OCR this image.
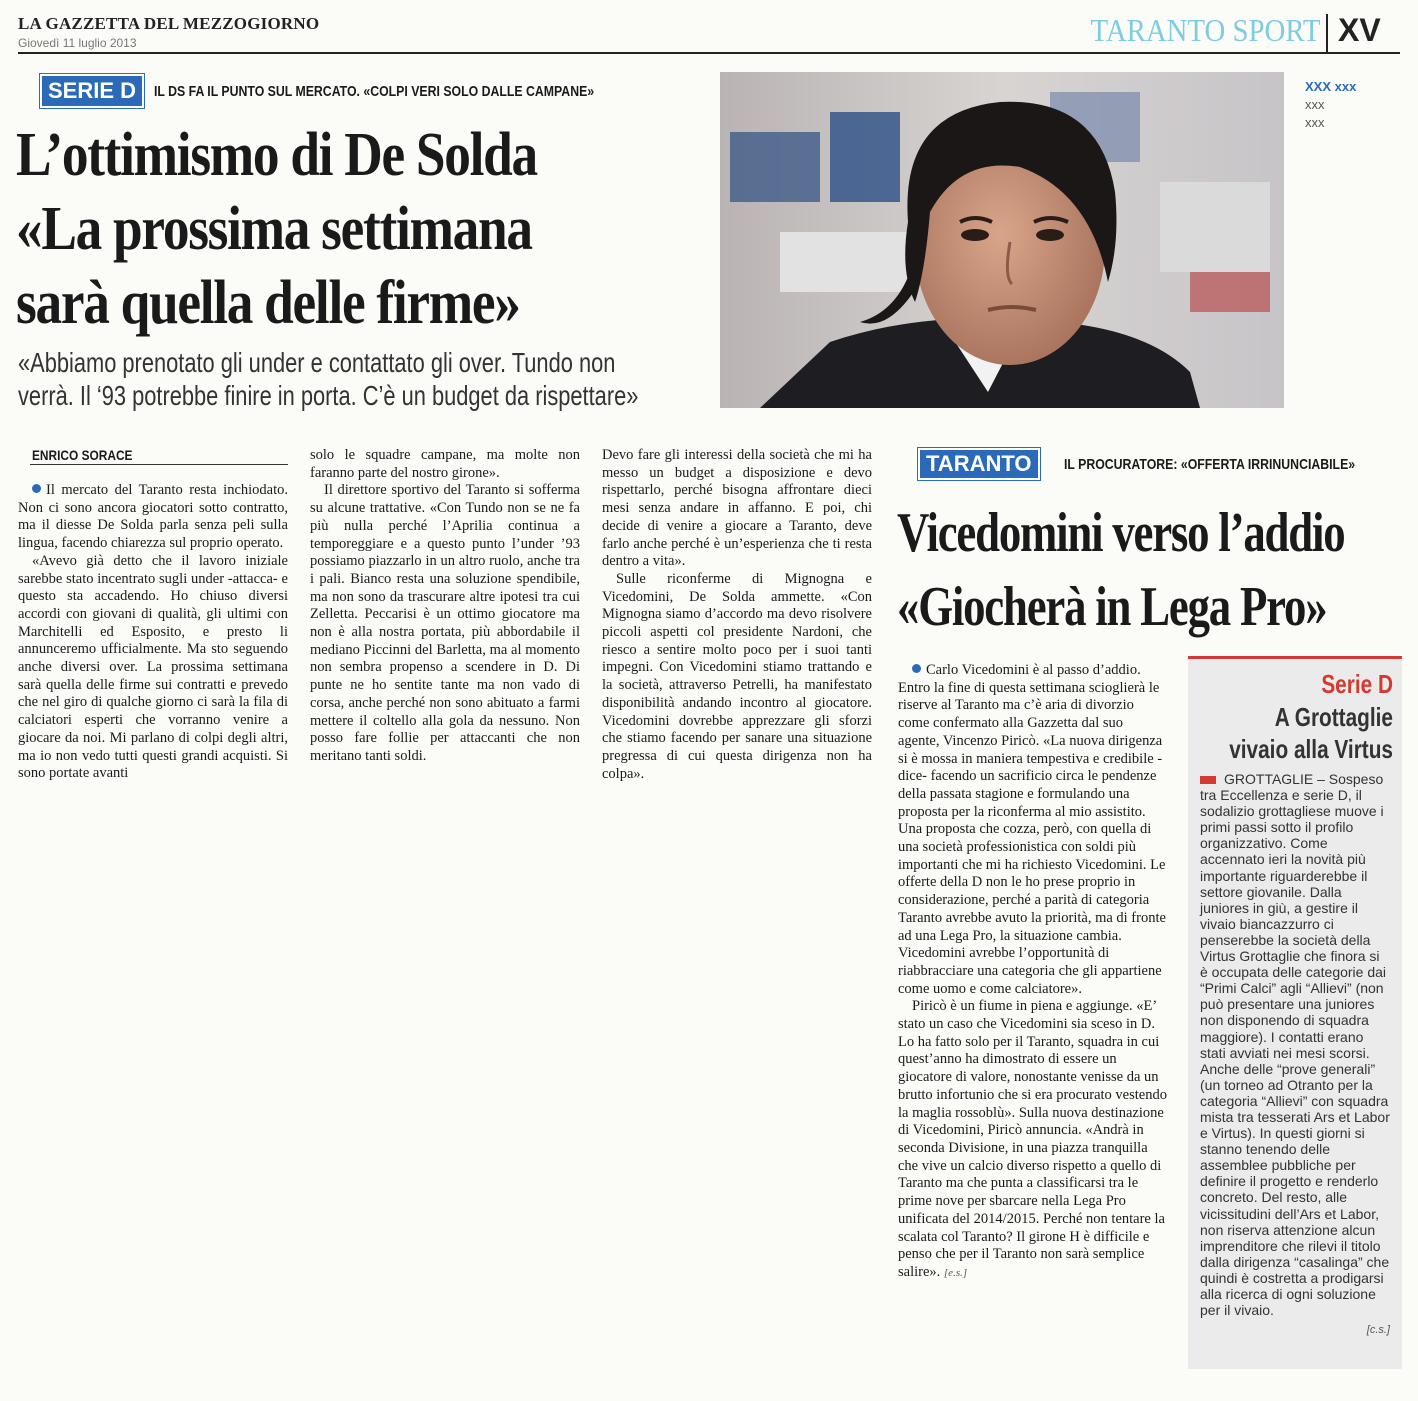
LA GAZZETTA DEL MEZZOGIORNO
Giovedì 11 luglio 2013	TARANTO SPORT XV
SERIE D	IL DS FA IL PUNTO SUL MERCATO. «COLPI VERI SOLO DALLE CAMPANE»
L’ottimismo di De Solda
«La prossima settimana
sarà quella delle firme»
«Abbiamo prenotato gli under e contattato gli over. Tundo non
verrà. Il ‘93 potrebbe finire in porta. C’è un budget da rispettare»
XXX xxx
xxx
xxx
ENRICO SORACE

Il mercato del Taranto resta inchiodato. Non ci sono ancora giocatori sotto contratto, ma il diesse De Solda parla senza peli sulla lingua, facendo chiarezza sul proprio operato.

«Avevo già detto che il lavoro iniziale sarebbe stato incentrato sugli under -attacca- e questo sta accadendo. Ho chiuso diversi accordi con giovani di qualità, gli ultimi con Marchitelli ed Esposito, e presto li annunceremo ufficialmente. Ma sto seguendo anche diversi over. La prossima settimana sarà quella delle firme sui contratti e prevedo che nel giro di qualche giorno ci sarà la fila di calciatori esperti che vorranno venire a giocare da noi. Mi parlano di colpi degli altri, ma io non vedo tutti questi grandi acquisti. Si sono portate avanti

solo le squadre campane, ma molte non faranno parte del nostro girone».

Il direttore sportivo del Taranto si sofferma su alcune trattative. «Con Tundo non se ne fa più nulla perché l’Aprilia continua a temporeggiare e a questo punto l’under ’93 possiamo piazzarlo in un altro ruolo, anche tra i pali. Bianco resta una soluzione spendibile, ma non sono da trascurare altre ipotesi tra cui Zelletta. Peccarisi è un ottimo giocatore ma non è alla nostra portata, più abbordabile il mediano Piccinni del Barletta, ma al momento non sembra propenso a scendere in D. Di punte ne ho sentite tante ma non vado di corsa, anche perché non sono abituato a farmi mettere il coltello alla gola da nessuno. Non posso fare follie per attaccanti che non meritano tanti soldi.

Devo fare gli interessi della società che mi ha messo un budget a disposizione e devo rispettarlo, perché bisogna affrontare dieci mesi senza andare in affanno. E poi, chi decide di venire a giocare a Taranto, deve farlo anche perché è un’esperienza che ti resta dentro a vita».

Sulle riconferme di Mignogna e Vicedomini, De Solda ammette. «Con Mignogna siamo d’accordo ma devo risolvere piccoli aspetti col presidente Nardoni, che riesco a sentire molto poco per i suoi tanti impegni. Con Vicedomini stiamo trattando e la società, attraverso Petrelli, ha manifestato disponibilità andando incontro al giocatore. Vicedomini dovrebbe apprezzare gli sforzi che stiamo facendo per sanare una situazione pregressa di cui questa dirigenza non ha colpa».

TARANTO	IL PROCURATORE: «OFFERTA IRRINUNCIABILE»
Vicedomini verso l’addio
«Giocherà in Lega Pro»

Carlo Vicedomini è al passo d’addio. Entro la fine di questa settimana scioglierà le riserve al Taranto ma c’è aria di divorzio come confermato alla Gazzetta dal suo agente, Vincenzo Piricò. «La nuova dirigenza si è mossa in maniera tempestiva e credibile -dice- facendo un sacrificio circa le pendenze della passata stagione e formulando una proposta per la riconferma al mio assistito. Una proposta che cozza, però, con quella di una società professionistica con soldi più importanti che mi ha richiesto Vicedomini. Le offerte della D non le ho prese proprio in considerazione, perché a parità di categoria Taranto avrebbe avuto la priorità, ma di fronte ad una Lega Pro, la situazione cambia. Vicedomini avrebbe l’opportunità di riabbracciare una categoria che gli appartiene come uomo e come calciatore».

Piricò è un fiume in piena e aggiunge. «E’ stato un caso che Vicedomini sia sceso in D. Lo ha fatto solo per il Taranto, squadra in cui quest’anno ha dimostrato di essere un giocatore di valore, nonostante venisse da un brutto infortunio che si era procurato vestendo la maglia rossoblù». Sulla nuova destinazione di Vicedomini, Piricò annuncia. «Andrà in seconda Divisione, in una piazza tranquilla che vive un calcio diverso rispetto a quello di Taranto ma che punta a classificarsi tra le prime nove per sbarcare nella Lega Pro unificata del 2014/2015. Perché non tentare la scalata col Taranto? Il girone H è difficile e penso che per il Taranto non sarà semplice salire». [e.s.]

Serie D
A Grottaglie
vivaio alla Virtus
GROTTAGLIE – Sospeso tra Eccellenza e serie D, il sodalizio grottagliese muove i primi passi sotto il profilo organizzativo. Come accennato ieri la novità più importante riguarderebbe il settore giovanile. Dalla juniores in giù, a gestire il vivaio biancazzurro ci penserebbe la società della Virtus Grottaglie che finora si è occupata delle categorie dai “Primi Calci” agli “Allievi” (non può presentare una juniores non disponendo di squadra maggiore). I contatti erano stati avviati nei mesi scorsi. Anche delle “prove generali” (un torneo ad Otranto per la categoria “Allievi” con squadra mista tra tesserati Ars et Labor e Virtus). In questi giorni si stanno tenendo delle assemblee pubbliche per definire il progetto e renderlo concreto. Del resto, alle vicissitudini dell’Ars et Labor, non riserva attenzione alcun imprenditore che rilevi il titolo dalla dirigenza “casalinga” che quindi è costretta a prodigarsi alla ricerca di ogni soluzione per il vivaio.
[c.s.]
